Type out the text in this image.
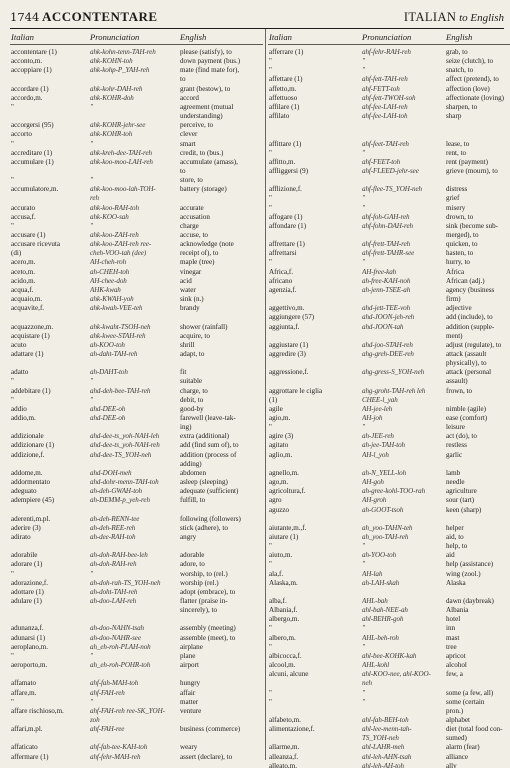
1744 ACCONTENTARE	ITALIAN to English
Italian	Pronunciation	English
accontentare (1)	ahk-kohn-tenn-TAH-reh	please (satisfy), to
acconto,m.	ahk-KOHN-toh	down payment (bus.)
accoppiare (1)	ahk-kohp-P_YAH-reh	mate (find mate for),
to
accordare (1)	ahk-kohr-DAH-reh	grant (bestow), to
accordo,m.	ahk-KOHR-doh	accord
"	"	agreement (mutual
understanding)
accorgersi (95)	ahk-KOHR-jehr-see	perceive, to
accorto	ahk-KOHR-toh	clever
"	"	smart
accreditare (1)	ahk-kreh-dee-TAH-reh	credit, to (bus.)
accumulare (1)	ahk-koo-moo-LAH-reh	accumulate (amass),
to
"	"	store, to
accumulatore,m.	ahk-koo-moo-lah-TOH-	battery (storage)
reh
accurato	ahk-koo-RAH-toh	accurate
accusa,f.	ahk-KOO-sah	accusation
"	"	charge
accusare (1)	ahk-koo-ZAH-reh	accuse, to
accusare ricevuta	ahk-koo-ZAH-reh ree-	acknowledge (note
(di)	cheh-VOO-tah (dee)	receipt of), to
acero,m.	AH-cheh-roh	maple (tree)
aceto,m.	ah-CHEH-toh	vinegar
acido,m.	AH-chee-doh	acid
acqua,f.	AHK-kwah	water
acquaio,m.	ahk-KWAH-yoh	sink (n.)
acquavite,f.	ahk-kwah-VEE-teh	brandy
acquazzone,m.	ahk-kwaht-TSOH-neh	shower (rainfall)
acquistare (1)	ahk-kwee-STAH-reh	acquire, to
acuto	ah-KOO-toh	shrill
adattare (1)	ah-daht-TAH-reh	adapt, to
adatto	ah-DAHT-toh	fit
"	"	suitable
addebitare (1)	ahd-deh-bee-TAH-reh	charge, to
"	"	debit, to
addio	ahd-DEE-oh	good-by
addio,m.	ahd-DEE-oh	farewell (leave-tak-
ing)
addizionale	ahd-dee-ts_yoh-NAH-leh	extra (additional)
addizionare (1)	ahd-dee-ts_yoh-NAH-reh	add (find sum of), to
addizione,f.	ahd-dee-TS_YOH-neh	addition (process of
adding)
addome,m.	ahd-DOH-meh	abdomen
addormentato	ahd-dohr-menn-TAH-toh	asleep (sleeping)
adeguato	ah-deh-GWAH-toh	adequate (sufficient)
adempiere (45)	ah-DEMM-p_yeh-reh	fulfill, to
aderenti,m.pl.	ah-deh-RENN-tee	following (followers)
aderire (3)	ah-deh-REE-reh	stick (adhere), to
adirato	ah-dee-RAH-toh	angry
adorabile	ah-doh-RAH-bee-leh	adorable
adorare (1)	ah-doh-RAH-reh	adore, to
"	"	worship, to (rel.)
adorazione,f.	ah-doh-rah-TS_YOH-neh	worship (rel.)
adottare (1)	ah-doht-TAH-reh	adopt (embrace), to
adulare (1)	ah-doo-LAH-reh	flatter (praise in-
sincerely), to
adunanza,f.	ah-doo-NAHN-tsah	assembly (meeting)
adunarsi (1)	ah-doo-NAHR-see	assemble (meet), to
aeroplano,m.	ah_eh-roh-PLAH-noh	airplane
"	"	plane
aeroporto,m.	ah_eh-roh-POHR-toh	airport
affamato	ahf-fah-MAH-toh	hungry
affare,m.	ahf-FAH-reh	affair
"	"	matter
affare rischioso,m.	ahf-FAH-reh ree-SK_YOH-	venture
zoh
affari,m.pl.	ahf-FAH-ree	business (commerce)
affaticato	ahf-fah-tee-KAH-toh	weary
affermare (1)	ahf-fehr-MAH-reh	assert (declare), to
Italian	Pronunciation	English
afferrare (1)	ahf-fehr-RAH-reh	grab, to
"	"	seize (clutch), to
"	"	snatch, to
affettare (1)	ahf-fett-TAH-reh	affect (pretend), to
affetto,m.	ahf-FETT-toh	affection (love)
affettuoso	ahf-fett-TWOH-soh	affectionate (loving)
affilare (1)	ahf-fee-LAH-reh	sharpen, to
affilato	ahf-fee-LAH-toh	sharp
affittare (1)	ahf-feet-TAH-reh	lease, to
"	"	rent, to
affitto,m.	ahf-FEET-toh	rent (payment)
affliggersi (9)	ahf-FLEED-jehr-see	grieve (mourn), to
afflizione,f.	ahf-flee-TS_YOH-neh	distress
"	"	grief
"	"	misery
affogare (1)	ahf-foh-GAH-reh	drown, to
affondare (1)	ahf-fohn-DAH-reh	sink (become sub-
merged), to
affrettare (1)	ahf-frett-TAH-reh	quicken, to
affrettarsi	ahf-frett-TAHR-see	hasten, to
"	"	hurry, to
Africa,f.	AH-free-kah	Africa
africano	ah-free-KAH-noh	African (adj.)
agenzia,f.	ah-jenn-TSEE-ah	agency (business
firm)
aggettivo,m.	ahd-jett-TEE-voh	adjective
aggiungere (57)	ahd-JOON-jeh-reh	add (include), to
aggiunta,f.	ahd-JOON-tah	addition (supple-
ment)
aggiustare (1)	ahd-joo-STAH-reh	adjust (regulate), to
aggredire (3)	ahg-greh-DEE-reh	attack (assault
physically), to
aggressione,f.	ahg-gress-S_YOH-neh	attack (personal
assault)
aggrottare le ciglia	ahg-groht-TAH-reh leh	frown, to
(1)	CHEE-l_yah
agile	AH-jee-leh	nimble (agile)
agio,m.	AH-joh	ease (comfort)
"	"	leisure
agire (3)	ah-JEE-reh	act (do), to
agitato	ah-jee-TAH-toh	restless
aglio,m.	AH-l_yoh	garlic
agnello,m.	ah-N_YELL-loh	lamb
ago,m.	AH-goh	needle
agricoltura,f.	ah-gree-kohl-TOO-rah	agriculture
agro	AH-groh	sour (tart)
aguzzo	ah-GOOT-tsoh	keen (sharp)
aiutante,m.,f.	ah_yoo-TAHN-teh	helper
aiutare (1)	ah_yoo-TAH-reh	aid, to
"	"	help, to
aiuto,m.	ah-YOO-toh	aid
"	"	help (assistance)
ala,f.	AH-lah	wing (zool.)
Alaska,m.	ah-LAH-skah	Alaska
alba,f.	AHL-bah	dawn (daybreak)
Albania,f.	ahl-bah-NEE-ah	Albania
albergo,m.	ahl-BEHR-goh	hotel
"	"	inn
albero,m.	AHL-beh-roh	mast
"	"	tree
albicocca,f.	ahl-bee-KOHK-kah	apricot
alcool,m.	AHL-kohl	alcohol
alcuni, alcune	ahl-KOO-nee, ahl-KOO-	few, a
neh
"	"	some (a few, all)
"	"	some (certain
pron.)
alfabeto,m.	ahl-fah-BEH-toh	alphabet
alimentazione,f.	ahl-lee-menn-tah-	diet (total food con-
TS_YOH-neh	sumed)
allarme,m.	ahl-LAHR-meh	alarm (fear)
alleanza,f.	ahl-leh-AHN-tsah	alliance
alleato,m.	ahl-leh-AH-toh	ally
